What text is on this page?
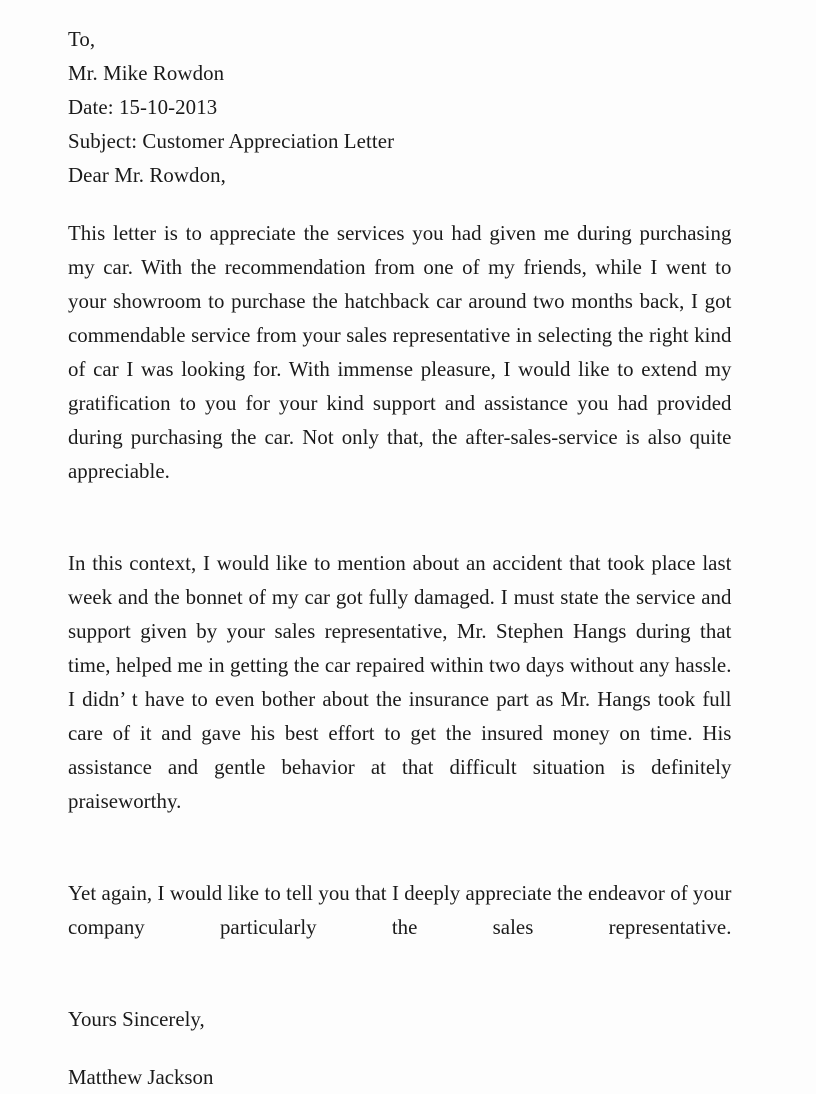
To,
Mr. Mike Rowdon
Date: 15-10-2013
Subject: Customer Appreciation Letter
Dear Mr. Rowdon,

This letter is to appreciate the services you had given me during purchasing my car. With the recommendation from one of my friends, while I went to your showroom to purchase the hatchback car around two months back, I got commendable service from your sales representative in selecting the right kind of car I was looking for. With immense pleasure, I would like to extend my gratification to you for your kind support and assistance you had provided during purchasing the car. Not only that, the after-sales-service is also quite appreciable.

In this context, I would like to mention about an accident that took place last week and the bonnet of my car got fully damaged. I must state the service and support given by your sales representative, Mr. Stephen Hangs during that time, helped me in getting the car repaired within two days without any hassle. I didn’ t have to even bother about the insurance part as Mr. Hangs took full care of it and gave his best effort to get the insured money on time. His assistance and gentle behavior at that difficult situation is definitely praiseworthy.

Yet again, I would like to tell you that I deeply appreciate the endeavor of your company particularly the sales representative.

Yours Sincerely,
Matthew Jackson
